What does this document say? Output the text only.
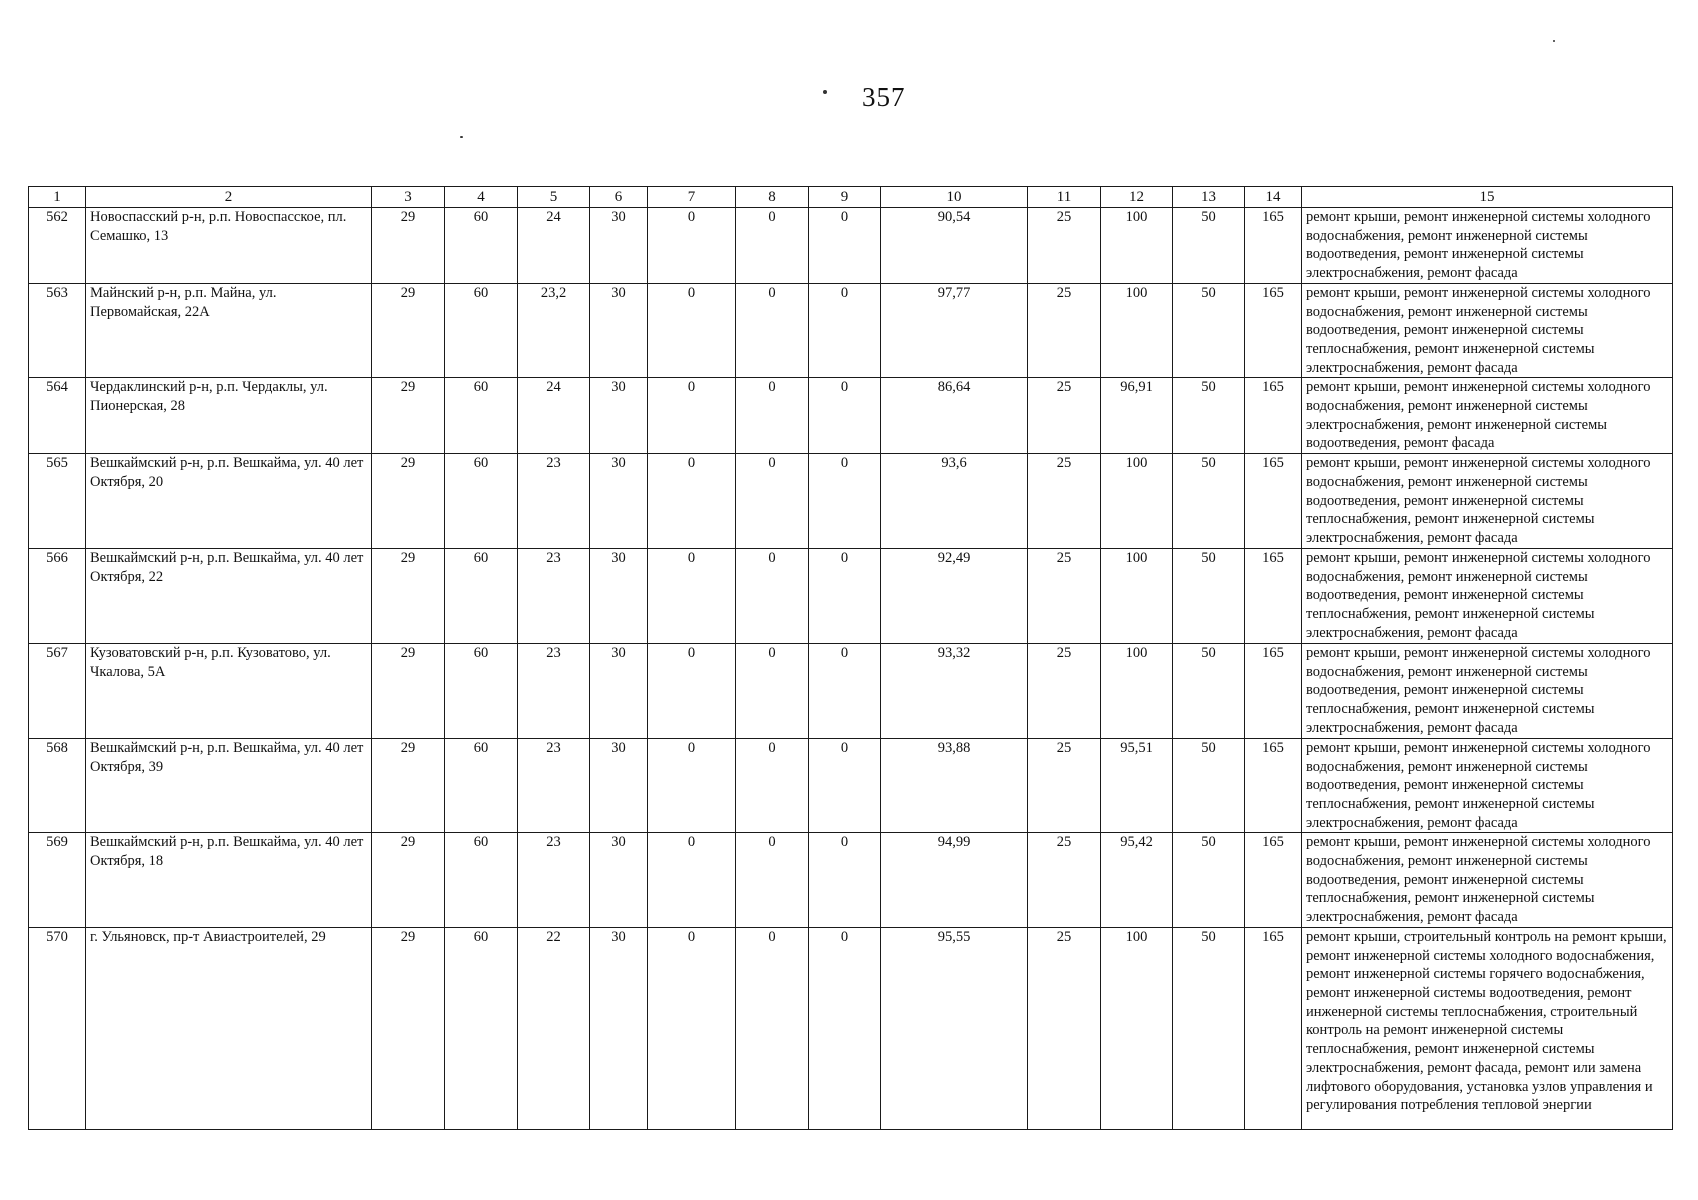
357
1	2	3	4	5	6	7	8	9	10	11	12	13	14	15
562	Новоспасский р-н, р.п. Новоспасское, пл. Семашко, 13	29	60	24	30	0	0	0	90,54	25	100	50	165	ремонт крыши, ремонт инженерной системы холодного водоснабжения, ремонт инженерной системы водоотведения, ремонт инженерной системы электроснабжения, ремонт фасада
563	Майнский р-н, р.п. Майна, ул. Первомайская, 22А	29	60	23,2	30	0	0	0	97,77	25	100	50	165	ремонт крыши, ремонт инженерной системы холодного водоснабжения, ремонт инженерной системы водоотведения, ремонт инженерной системы теплоснабжения, ремонт инженерной системы электроснабжения, ремонт фасада
564	Чердаклинский р-н, р.п. Чердаклы, ул. Пионерская, 28	29	60	24	30	0	0	0	86,64	25	96,91	50	165	ремонт крыши, ремонт инженерной системы холодного водоснабжения, ремонт инженерной системы электроснабжения, ремонт инженерной системы водоотведения, ремонт фасада
565	Вешкаймский р-н, р.п. Вешкайма, ул. 40 лет Октября, 20	29	60	23	30	0	0	0	93,6	25	100	50	165	ремонт крыши, ремонт инженерной системы холодного водоснабжения, ремонт инженерной системы водоотведения, ремонт инженерной системы теплоснабжения, ремонт инженерной системы электроснабжения, ремонт фасада
566	Вешкаймский р-н, р.п. Вешкайма, ул. 40 лет Октября, 22	29	60	23	30	0	0	0	92,49	25	100	50	165	ремонт крыши, ремонт инженерной системы холодного водоснабжения, ремонт инженерной системы водоотведения, ремонт инженерной системы теплоснабжения, ремонт инженерной системы электроснабжения, ремонт фасада
567	Кузоватовский р-н, р.п. Кузоватово, ул. Чкалова, 5А	29	60	23	30	0	0	0	93,32	25	100	50	165	ремонт крыши, ремонт инженерной системы холодного водоснабжения, ремонт инженерной системы водоотведения, ремонт инженерной системы теплоснабжения, ремонт инженерной системы электроснабжения, ремонт фасада
568	Вешкаймский р-н, р.п. Вешкайма, ул. 40 лет Октября, 39	29	60	23	30	0	0	0	93,88	25	95,51	50	165	ремонт крыши, ремонт инженерной системы холодного водоснабжения, ремонт инженерной системы водоотведения, ремонт инженерной системы теплоснабжения, ремонт инженерной системы электроснабжения, ремонт фасада
569	Вешкаймский р-н, р.п. Вешкайма, ул. 40 лет Октября, 18	29	60	23	30	0	0	0	94,99	25	95,42	50	165	ремонт крыши, ремонт инженерной системы холодного водоснабжения, ремонт инженерной системы водоотведения, ремонт инженерной системы теплоснабжения, ремонт инженерной системы электроснабжения, ремонт фасада
570	г. Ульяновск, пр-т Авиастроителей, 29	29	60	22	30	0	0	0	95,55	25	100	50	165	ремонт крыши, строительный контроль на ремонт крыши, ремонт инженерной системы холодного водоснабжения, ремонт инженерной системы горячего водоснабжения, ремонт инженерной системы водоотведения, ремонт инженерной системы теплоснабжения, строительный контроль на ремонт инженерной системы теплоснабжения, ремонт инженерной системы электроснабжения, ремонт фасада, ремонт или замена лифтового оборудования, установка узлов управления и регулирования потребления тепловой энергии
